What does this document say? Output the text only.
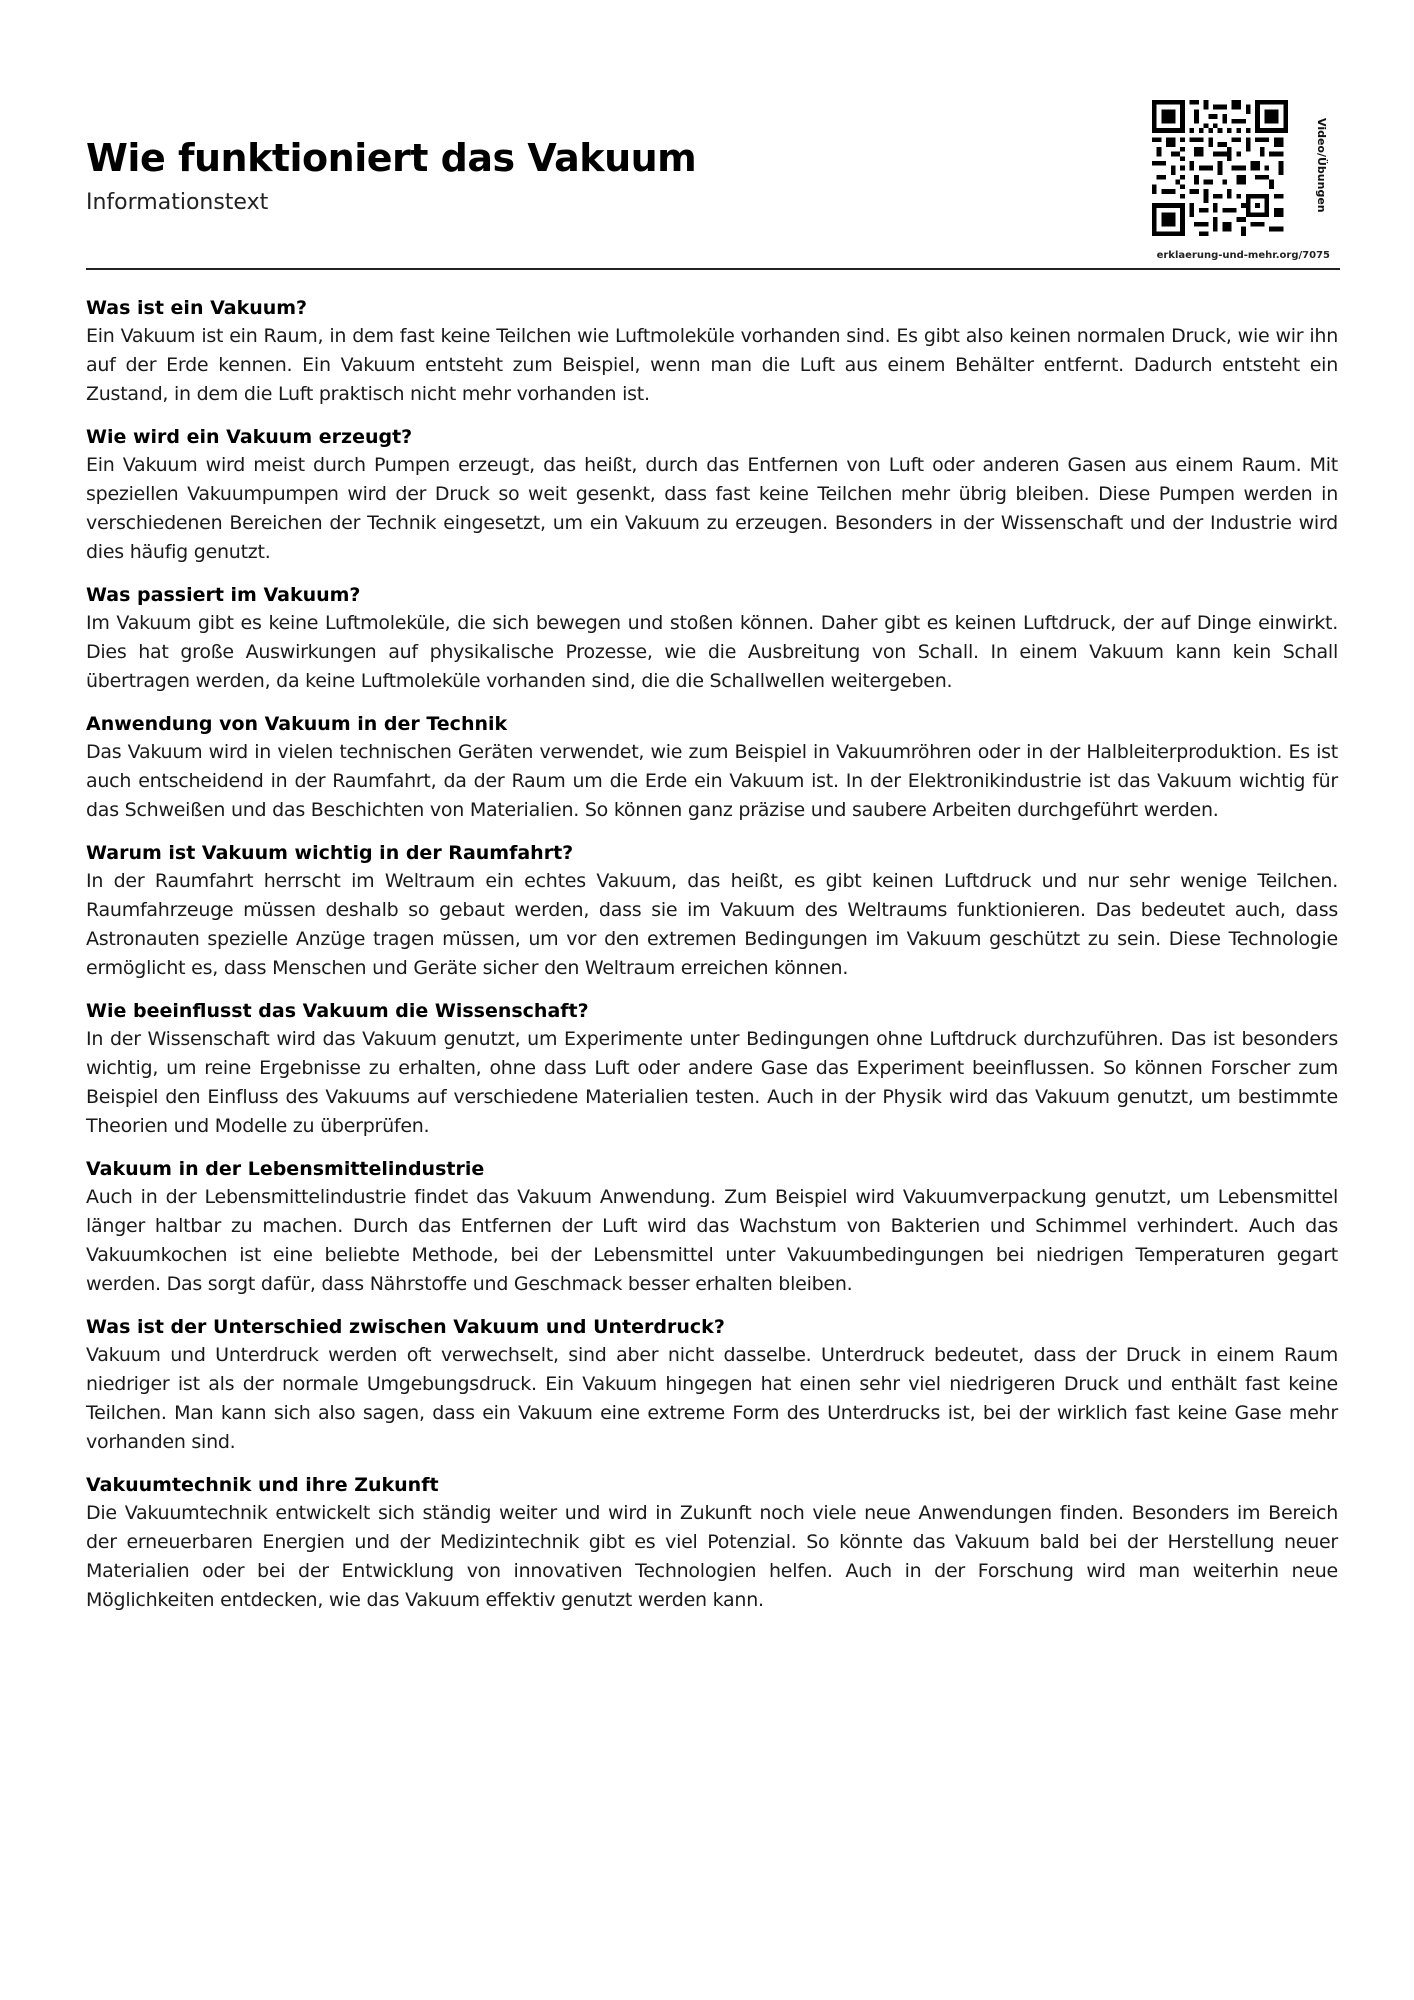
Wie funktioniert das Vakuum
Informationstext	Video/Übungen
erklaerung-und-mehr.org/7075
Was ist ein Vakuum?

Ein Vakuum ist ein Raum, in dem fast keine Teilchen wie Luftmoleküle vorhanden sind. Es gibt also keinen normalen Druck, wie wir ihn auf der Erde kennen. Ein Vakuum entsteht zum Beispiel, wenn man die Luft aus einem Behälter entfernt. Dadurch entsteht ein Zustand, in dem die Luft praktisch nicht mehr vorhanden ist.

Wie wird ein Vakuum erzeugt?

Ein Vakuum wird meist durch Pumpen erzeugt, das heißt, durch das Entfernen von Luft oder anderen Gasen aus einem Raum. Mit speziellen Vakuumpumpen wird der Druck so weit gesenkt, dass fast keine Teilchen mehr übrig bleiben. Diese Pumpen werden in verschiedenen Bereichen der Technik eingesetzt, um ein Vakuum zu erzeugen. Besonders in der Wissenschaft und der Industrie wird dies häufig genutzt.

Was passiert im Vakuum?

Im Vakuum gibt es keine Luftmoleküle, die sich bewegen und stoßen können. Daher gibt es keinen Luftdruck, der auf Dinge einwirkt. Dies hat große Auswirkungen auf physikalische Prozesse, wie die Ausbreitung von Schall. In einem Vakuum kann kein Schall übertragen werden, da keine Luftmoleküle vorhanden sind, die die Schallwellen weitergeben.

Anwendung von Vakuum in der Technik

Das Vakuum wird in vielen technischen Geräten verwendet, wie zum Beispiel in Vakuumröhren oder in der Halbleiterproduktion. Es ist auch entscheidend in der Raumfahrt, da der Raum um die Erde ein Vakuum ist. In der Elektronikindustrie ist das Vakuum wichtig für das Schweißen und das Beschichten von Materialien. So können ganz präzise und saubere Arbeiten durchgeführt werden.

Warum ist Vakuum wichtig in der Raumfahrt?

In der Raumfahrt herrscht im Weltraum ein echtes Vakuum, das heißt, es gibt keinen Luftdruck und nur sehr wenige Teilchen. Raumfahrzeuge müssen deshalb so gebaut werden, dass sie im Vakuum des Weltraums funktionieren. Das bedeutet auch, dass Astronauten spezielle Anzüge tragen müssen, um vor den extremen Bedingungen im Vakuum geschützt zu sein. Diese Technologie ermöglicht es, dass Menschen und Geräte sicher den Weltraum erreichen können.

Wie beeinflusst das Vakuum die Wissenschaft?

In der Wissenschaft wird das Vakuum genutzt, um Experimente unter Bedingungen ohne Luftdruck durchzuführen. Das ist besonders wichtig, um reine Ergebnisse zu erhalten, ohne dass Luft oder andere Gase das Experiment beeinflussen. So können Forscher zum Beispiel den Einfluss des Vakuums auf verschiedene Materialien testen. Auch in der Physik wird das Vakuum genutzt, um bestimmte Theorien und Modelle zu überprüfen.

Vakuum in der Lebensmittelindustrie

Auch in der Lebensmittelindustrie findet das Vakuum Anwendung. Zum Beispiel wird Vakuumverpackung genutzt, um Lebensmittel länger haltbar zu machen. Durch das Entfernen der Luft wird das Wachstum von Bakterien und Schimmel verhindert. Auch das Vakuumkochen ist eine beliebte Methode, bei der Lebensmittel unter Vakuumbedingungen bei niedrigen Temperaturen gegart werden. Das sorgt dafür, dass Nährstoffe und Geschmack besser erhalten bleiben.

Was ist der Unterschied zwischen Vakuum und Unterdruck?

Vakuum und Unterdruck werden oft verwechselt, sind aber nicht dasselbe. Unterdruck bedeutet, dass der Druck in einem Raum niedriger ist als der normale Umgebungsdruck. Ein Vakuum hingegen hat einen sehr viel niedrigeren Druck und enthält fast keine Teilchen. Man kann sich also sagen, dass ein Vakuum eine extreme Form des Unterdrucks ist, bei der wirklich fast keine Gase mehr vorhanden sind.

Vakuumtechnik und ihre Zukunft

Die Vakuumtechnik entwickelt sich ständig weiter und wird in Zukunft noch viele neue Anwendungen finden. Besonders im Bereich der erneuerbaren Energien und der Medizintechnik gibt es viel Potenzial. So könnte das Vakuum bald bei der Herstellung neuer Materialien oder bei der Entwicklung von innovativen Technologien helfen. Auch in der Forschung wird man weiterhin neue Möglichkeiten entdecken, wie das Vakuum effektiv genutzt werden kann.
